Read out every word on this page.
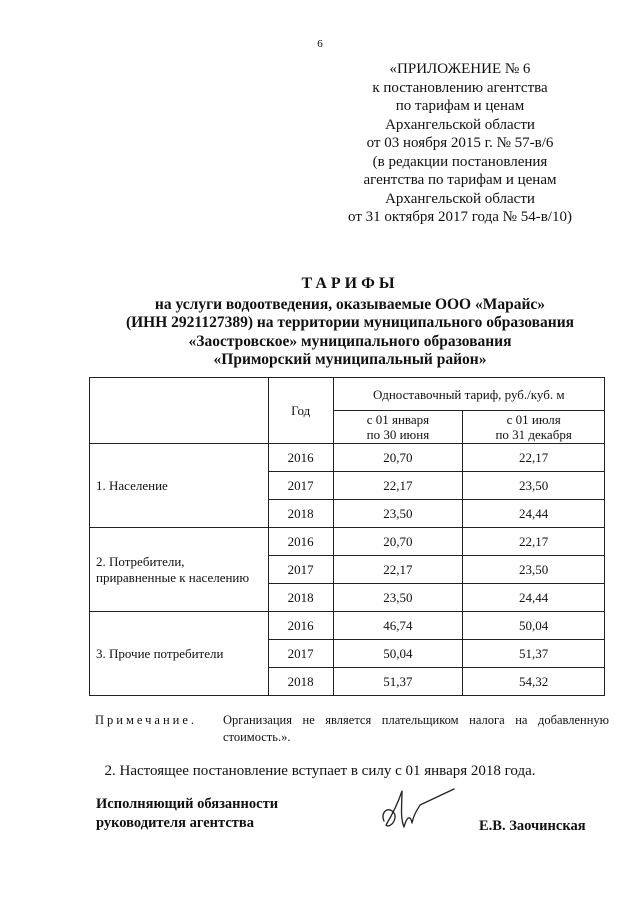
6
«ПРИЛОЖЕНИЕ № 6
к постановлению агентства
по тарифам и ценам
Архангельской области
от 03 ноября 2015 г. № 57-в/6
(в редакции постановления
агентства по тарифам и ценам
Архангельской области
от 31 октября 2017 года № 54-в/10)
ТАРИФЫ
на услуги водоотведения, оказываемые ООО «Марайс»
(ИНН 2921127389) на территории муниципального образования
«Заостровское» муниципального образования
«Приморский муниципальный район»
	Год	Одноставочный тариф, руб./куб. м	
		с 01 января
по 30 июня	с 01 июля
по 31 декабря
1. Население	2016	20,70	22,17
	2017	22,17	23,50
	2018	23,50	24,44
2. Потребители,
приравненные к населению	2016	20,70	22,17
	2017	22,17	23,50
	2018	23,50	24,44
3. Прочие потребители	2016	46,74	50,04
	2017	50,04	51,37
	2018	51,37	54,32
Примечание. Организация не является плательщиком налога на добавленную стоимость.».
2. Настоящее постановление вступает в силу с 01 января 2018 года.
Исполняющий обязанности
руководителя агентства	Е.В. Заочинская
